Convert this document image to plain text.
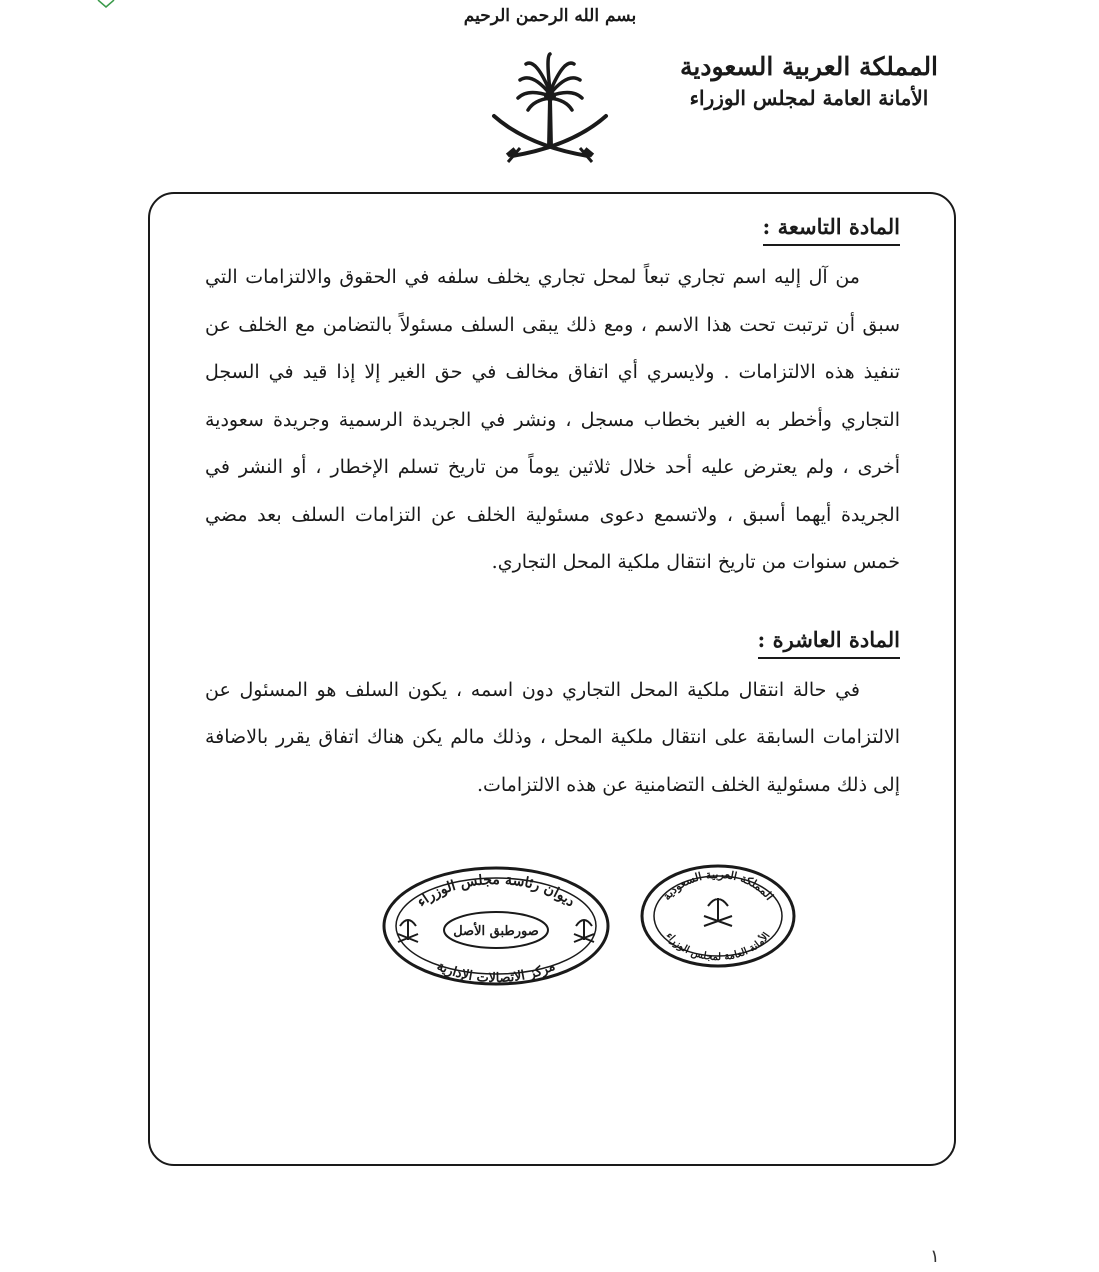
بسم الله الرحمن الرحيم
المملكة العربية السعودية
الأمانة العامة لمجلس الوزراء
المادة التاسعة :

من آل إليه اسم تجاري تبعاً لمحل تجاري يخلف سلفه في الحقوق والالتزامات التي سبق أن ترتبت تحت هذا الاسم ، ومع ذلك يبقى السلف مسئولاً بالتضامن مع الخلف عن تنفيذ هذه الالتزامات . ولايسري أي اتفاق مخالف في حق الغير إلا إذا قيد في السجل التجاري وأخطر به الغير بخطاب مسجل ، ونشر في الجريدة الرسمية وجريدة سعودية أخرى ، ولم يعترض عليه أحد خلال ثلاثين يوماً من تاريخ تسلم الإخطار ، أو النشر في الجريدة أيهما أسبق ، ولاتسمع دعوى مسئولية الخلف عن التزامات السلف بعد مضي خمس سنوات من تاريخ انتقال ملكية المحل التجاري.

المادة العاشرة :

في حالة انتقال ملكية المحل التجاري دون اسمه ، يكون السلف هو المسئول عن الالتزامات السابقة على انتقال ملكية المحل ، وذلك مالم يكن هناك اتفاق يقرر بالاضافة إلى ذلك مسئولية الخلف التضامنية عن هذه الالتزامات.

ديوان رئاسة مجلس الوزراء
صورطبق الأصل
مركز الاتصالات الإدارية
المملكة العربية السعودية
الأمانة العامة لمجلس الوزراء
١
